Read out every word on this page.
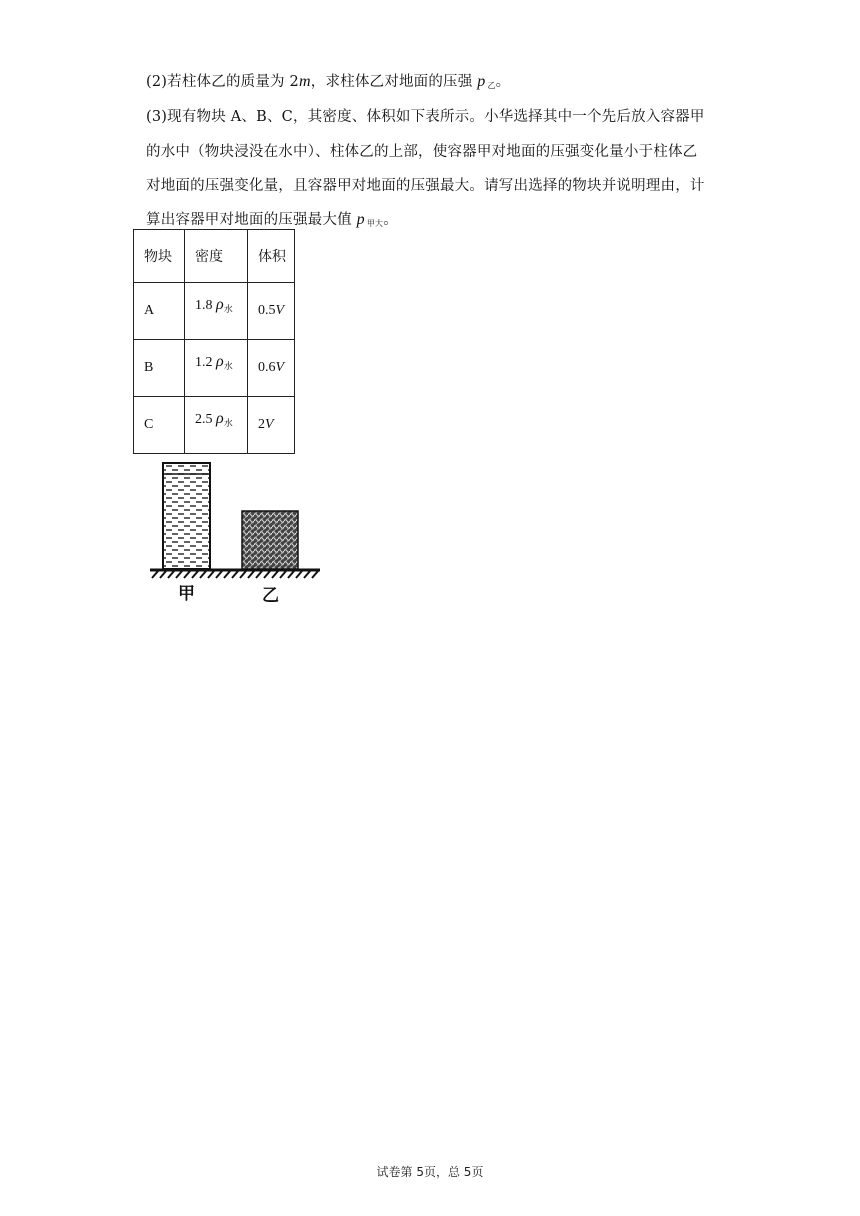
(2)若柱体乙的质量为 2m，求柱体乙对地面的压强 p $_乙$。
(3)现有物块 A、B、C，其密度、体积如下表所示。小华选择其中一个先后放入容器甲
的水中（物块浸没在水中）、柱体乙的上部，使容器甲对地面的压强变化量小于柱体乙
对地面的压强变化量，且容器甲对地面的压强最大。请写出选择的物块并说明理由，计
算出容器甲对地面的压强最大值 p $_{甲大}$。
物块	密度	体积
A	1.8 $\rho_水$	0.5V
B	1.2 $\rho_水$	0.6V
C	2.5 $\rho_水$	2V
甲	乙
试卷第 5页，总 5页
